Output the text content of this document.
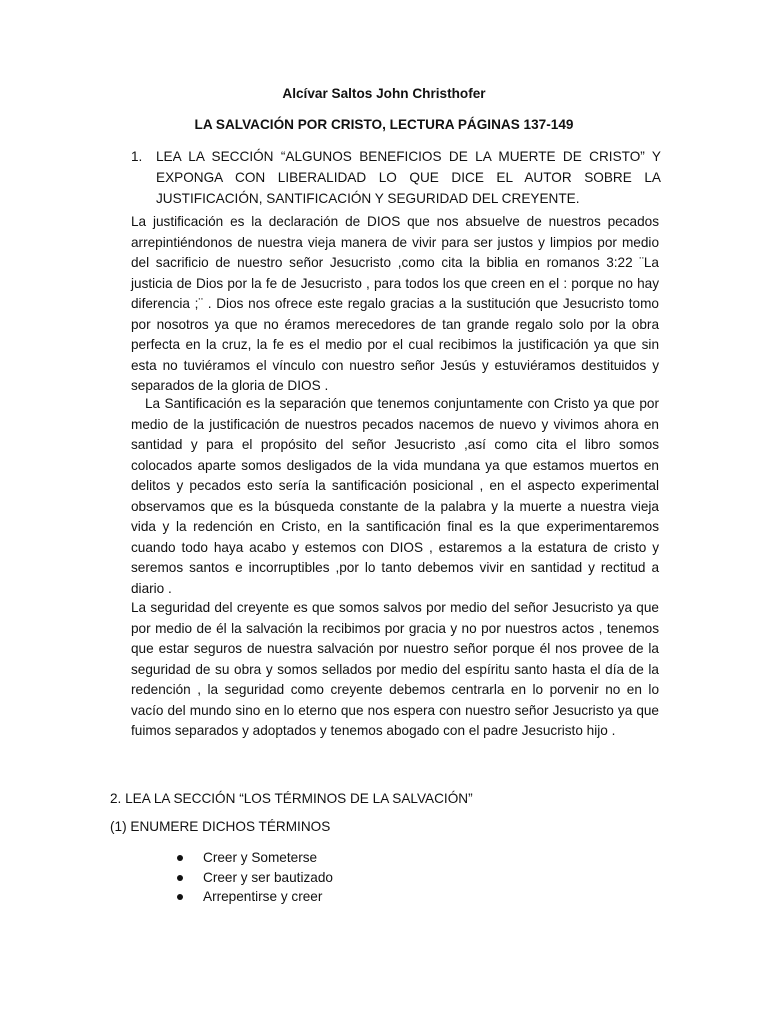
Alcívar Saltos John Christhofer
LA SALVACIÓN POR CRISTO, LECTURA PÁGINAS 137-149
1. LEA LA SECCIÓN “ALGUNOS BENEFICIOS DE LA MUERTE DE CRISTO” Y EXPONGA CON LIBERALIDAD LO QUE DICE EL AUTOR SOBRE LA JUSTIFICACIÓN, SANTIFICACIÓN Y SEGURIDAD DEL CREYENTE.

La justificación es la declaración de DIOS que nos absuelve de nuestros pecados arrepintiéndonos de nuestra vieja manera de vivir para ser justos y limpios por medio del sacrificio de nuestro señor Jesucristo ,como cita la biblia en romanos 3:22 ¨La justicia de Dios por la fe de Jesucristo , para todos los que creen en el : porque no hay diferencia ;¨ . Dios nos ofrece este regalo gracias a la sustitución que Jesucristo tomo por nosotros ya que no éramos merecedores de tan grande regalo solo por la obra perfecta en la cruz, la fe es el medio por el cual recibimos la justificación ya que sin esta no tuviéramos el vínculo con nuestro señor Jesús y estuviéramos destituidos y separados de la gloria de DIOS .

La Santificación es la separación que tenemos conjuntamente con Cristo ya que por medio de la justificación de nuestros pecados nacemos de nuevo y vivimos ahora en santidad y para el propósito del señor Jesucristo ,así como cita el libro somos colocados aparte somos desligados de la vida mundana ya que estamos muertos en delitos y pecados esto sería la santificación posicional , en el aspecto experimental observamos que es la búsqueda constante de la palabra y la muerte a nuestra vieja vida y la redención en Cristo, en la santificación final es la que experimentaremos cuando todo haya acabo y estemos con DIOS , estaremos a la estatura de cristo y seremos santos e incorruptibles ,por lo tanto debemos vivir en santidad y rectitud a diario .

La seguridad del creyente es que somos salvos por medio del señor Jesucristo ya que por medio de él la salvación la recibimos por gracia y no por nuestros actos , tenemos que estar seguros de nuestra salvación por nuestro señor porque él nos provee de la seguridad de su obra y somos sellados por medio del espíritu santo hasta el día de la redención , la seguridad como creyente debemos centrarla en lo porvenir no en lo vacío del mundo sino en lo eterno que nos espera con nuestro señor Jesucristo ya que fuimos separados y adoptados y tenemos abogado con el padre Jesucristo hijo .

2. LEA LA SECCIÓN “LOS TÉRMINOS DE LA SALVACIÓN”
(1) ENUMERE DICHOS TÉRMINOS
Creer y Someterse
Creer y ser bautizado
Arrepentirse y creer
